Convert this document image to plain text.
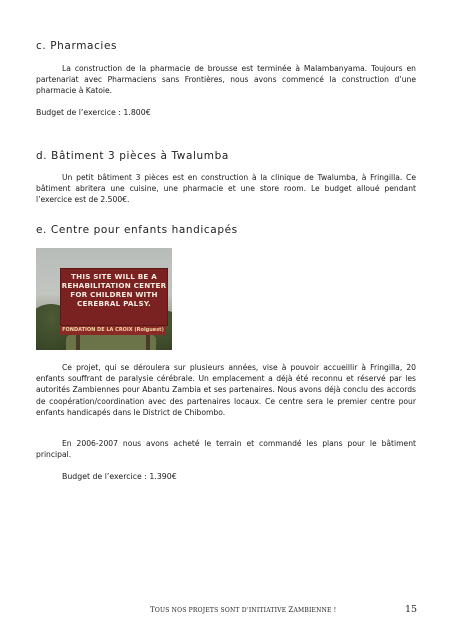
c. Pharmacies
La construction de la pharmacie de brousse est terminée à Malambanyama. Toujours en partenariat avec Pharmaciens sans Frontières, nous avons commencé la construction d’une pharmacie à Katoie.
Budget de l’exercice : 1.800€
d. Bâtiment 3 pièces à Twalumba
Un petit bâtiment 3 pièces est en construction à la clinique de Twalumba, à Fringilla. Ce bâtiment abritera une cuisine, une pharmacie et une store room. Le budget alloué pendant l’exercice est de 2.500€.
e. Centre pour enfants handicapés
THIS SITE WILL BE A
REHABILITATION CENTER
FOR CHILDREN WITH
CEREBRAL PALSY.
FONDATION DE LA CROIX (Rolguest)
Ce projet, qui se déroulera sur plusieurs années, vise à pouvoir accueillir à Fringilla, 20 enfants souffrant de paralysie cérébrale. Un emplacement a déjà été reconnu et réservé par les autorités Zambiennes pour Abantu Zambia et ses partenaires. Nous avons déjà conclu des accords de coopération/coordination avec des partenaires locaux. Ce centre sera le premier centre pour enfants handicapés dans le District de Chibombo.
En 2006-2007 nous avons acheté le terrain et commandé les plans pour le bâtiment principal.
Budget de l’exercice : 1.390€
TOUS NOS PROJETS SONT D’INITIATIVE ZAMBIENNE !	15
